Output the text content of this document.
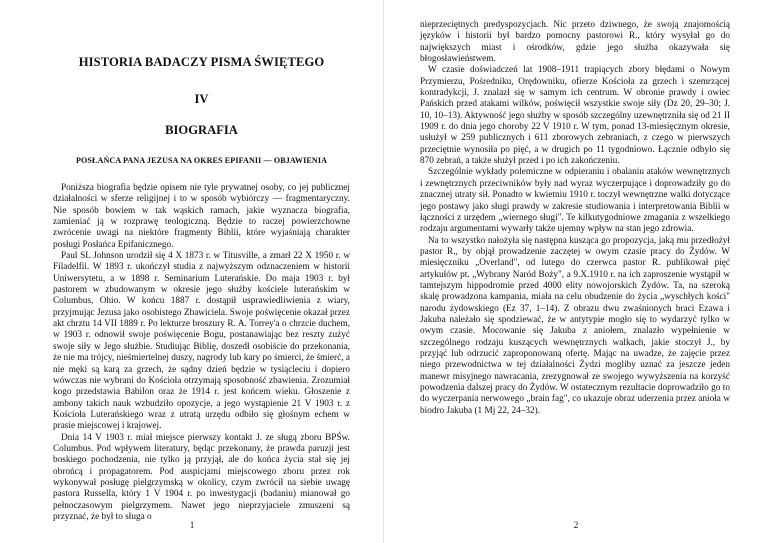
HISTORIA BADACZY PISMA ŚWIĘTEGO
IV
BIOGRAFIA
POSŁAŃCA PANA JEZUSA NA OKRES EPIFANII — OBJAWIENIA

Poniższa biografia będzie opisem nie tyle prywatnej osoby, co jej publicznej działalności w sferze religijnej i to w sposób wybiórczy — fragmentaryczny. Nie sposób bowiem w tak wąskich ramach, jakie wyznacza biografia, zamieniać ją w rozprawę teologiczną. Będzie to raczej powierzchowne zwrócenie uwagi na niektóre fragmenty Biblii, które wyjaśniają charakter posługi Posłańca Epifanicznego.

Paul SL Johnson urodził się 4 X 1873 r. w Titusville, a zmarł 22 X 1950 r. w Filadelfii. W 1893 r. ukończył studia z najwyższym odznaczeniem w historii Uniwersytetu, a w 1898 r. Seminarium Luterańskie. Do maja 1903 r. był pastorem w zbudowanym w okresie jego służby kościele luterańskim w Columbus, Ohio. W końcu 1887 r. dostąpił usprawiedliwienia z wiary, przyjmując Jezusa jako osobistego Zbawiciela. Swoje poświęcenie okazał przez akt chrztu 14 VII 1889 r. Po lekturze broszury R. A. Torrey'a o chrzcie duchem, w 1903 r. odnowił swoje poświęcenie Bogu, postanawiając bez reszty zużyć swoje siły w Jego służbie. Studiując Biblię, doszedł osobiście do przekonania, że nie ma trójcy, nieśmiertelnej duszy, nagrody lub kary po śmierci, że śmierć, a nie męki są karą za grzech, że sądny dzień będzie w tysiącleciu i dopiero wówczas nie wybrani do Kościoła otrzymają sposobność zbawienia. Zrozumiał kogo przedstawia Babilon oraz że 1914 r. jest końcem wieku. Głoszenie z ambony takich nauk wzbudziło opozycje, a jego wystąpienie 21 V 1903 r. z Kościoła Luterańskiego wraz z utratą urzędu odbiło się głośnym echem w prasie miejscowej i krajowej.

Dnia 14 V 1903 r. miał miejsce pierwszy kontakt J. ze sługą zboru BPŚw. Columbus. Pod wpływem literatury, będąc przekonany, że prawda paruzji jest boskiego pochodzenia, nie tylko ją przyjął, ale do końca życia stał się jej obrońcą i propagatorem. Pod auspicjami miejscowego zboru przez rok wykonywał posługę pielgrzymską w okolicy, czym zwrócił na siebie uwagę pastora Russella, który 1 V 1904 r. po inwestygacji (badaniu) mianował go pełnoczasowym pielgrzymem. Nawet jego nieprzyjaciele zmuszeni są przyznać, że był to sługa o

1

nieprzeciętnych predyspozycjach. Nic przeto dziwnego, że swoją znajomością języków i historii był bardzo pomocny pastorowi R., który wysyłał go do największych miast i ośrodków, gdzie jego służba okazywała się błogosławieństwem.

W czasie doświadczeń lat 1908–1911 trapiących zbory błędami o Nowym Przymierzu, Pośredniku, Orędowniku, ofierze Kościoła za grzech i szemrzącej kontradykcji, J. znalazł się w samym ich centrum. W obronie prawdy i owiec Pańskich przed atakami wilków, poświęcił wszystkie swoje siły (Dz 20, 29–30; J. 10, 10–13). Aktywność jego służby w sposób szczególny uzewnętrzniła się od 21 II 1909 r. do dnia jego choroby 22 V 1910 r. W tym, ponad 13-miesięcznym okresie, usłużył w 259 publicznych i 611 zborowych zebraniach, z czego w pierwszych przeciętnie wynosiła po pięć, a w drugich po 11 tygodniowo. Łącznie odbyło się 870 zebrań, a także służył przed i po ich zakończeniu.

Szczególnie wykłady polemiczne w odpieraniu i obalaniu ataków wewnętrznych i zewnętrznych przeciwników były nad wyraz wyczerpujące i doprowadziły go do znacznej utraty sił. Ponadto w kwietniu 1910 r. toczył wewnętrzne walki dotyczące jego postawy jako sługi prawdy w zakresie studiowania i interpretowania Biblii w łączności z urzędem „wiernego sługi". Te kilkutygodniowe zmagania z wszelkiego rodzaju argumentami wywarły także ujemny wpływ na stan jego zdrowia.

Na to wszystko nałożyła się następna kusząca go propozycja, jaką mu przedłożył pastor R., by objął prowadzenie zaczętej w owym czasie pracy do Żydów. W miesięczniku „Overland", od lutego do czerwca pastor R. publikował pięć artykułów pt. „Wybrany Naród Boży", a 9.X.1910 r. na ich zaproszenie wystąpił w tamtejszym hippodromie przed 4000 elity nowojorskich Żydów. Ta, na szeroką skalę prowadzona kampania, miała na celu obudzenie do życia „wyschłych kości" narodu żydowskiego (Ez 37, 1–14). Z obrazu dwu zwaśnionych braci Ezawa i Jakuba należało się spodziewać, że w antytypie mogło się to wydarzyć tylko w owym czasie. Mocowanie się Jakuba z aniołem, znalazło wypełnienie w szczególnego rodzaju kuszących wewnętrznych walkach, jakie stoczył J., by przyjąć lub odrzucić zaproponowaną ofertę. Mając na uwadze, że zajęcie przez niego przewodnictwa w tej działalności Żydzi mogliby uznać za jeszcze jeden manewr misyjnego nawracania, zrezygnował ze swojego wywyższenia na korzyść powodzenia dalszej pracy do Żydów. W ostatecznym rezultacie doprowadziło go to do wyczerpania nerwowego „brain fag", co ukazuje obraz uderzenia przez anioła w biodro Jakuba (1 Mj 22, 24–32).

2
